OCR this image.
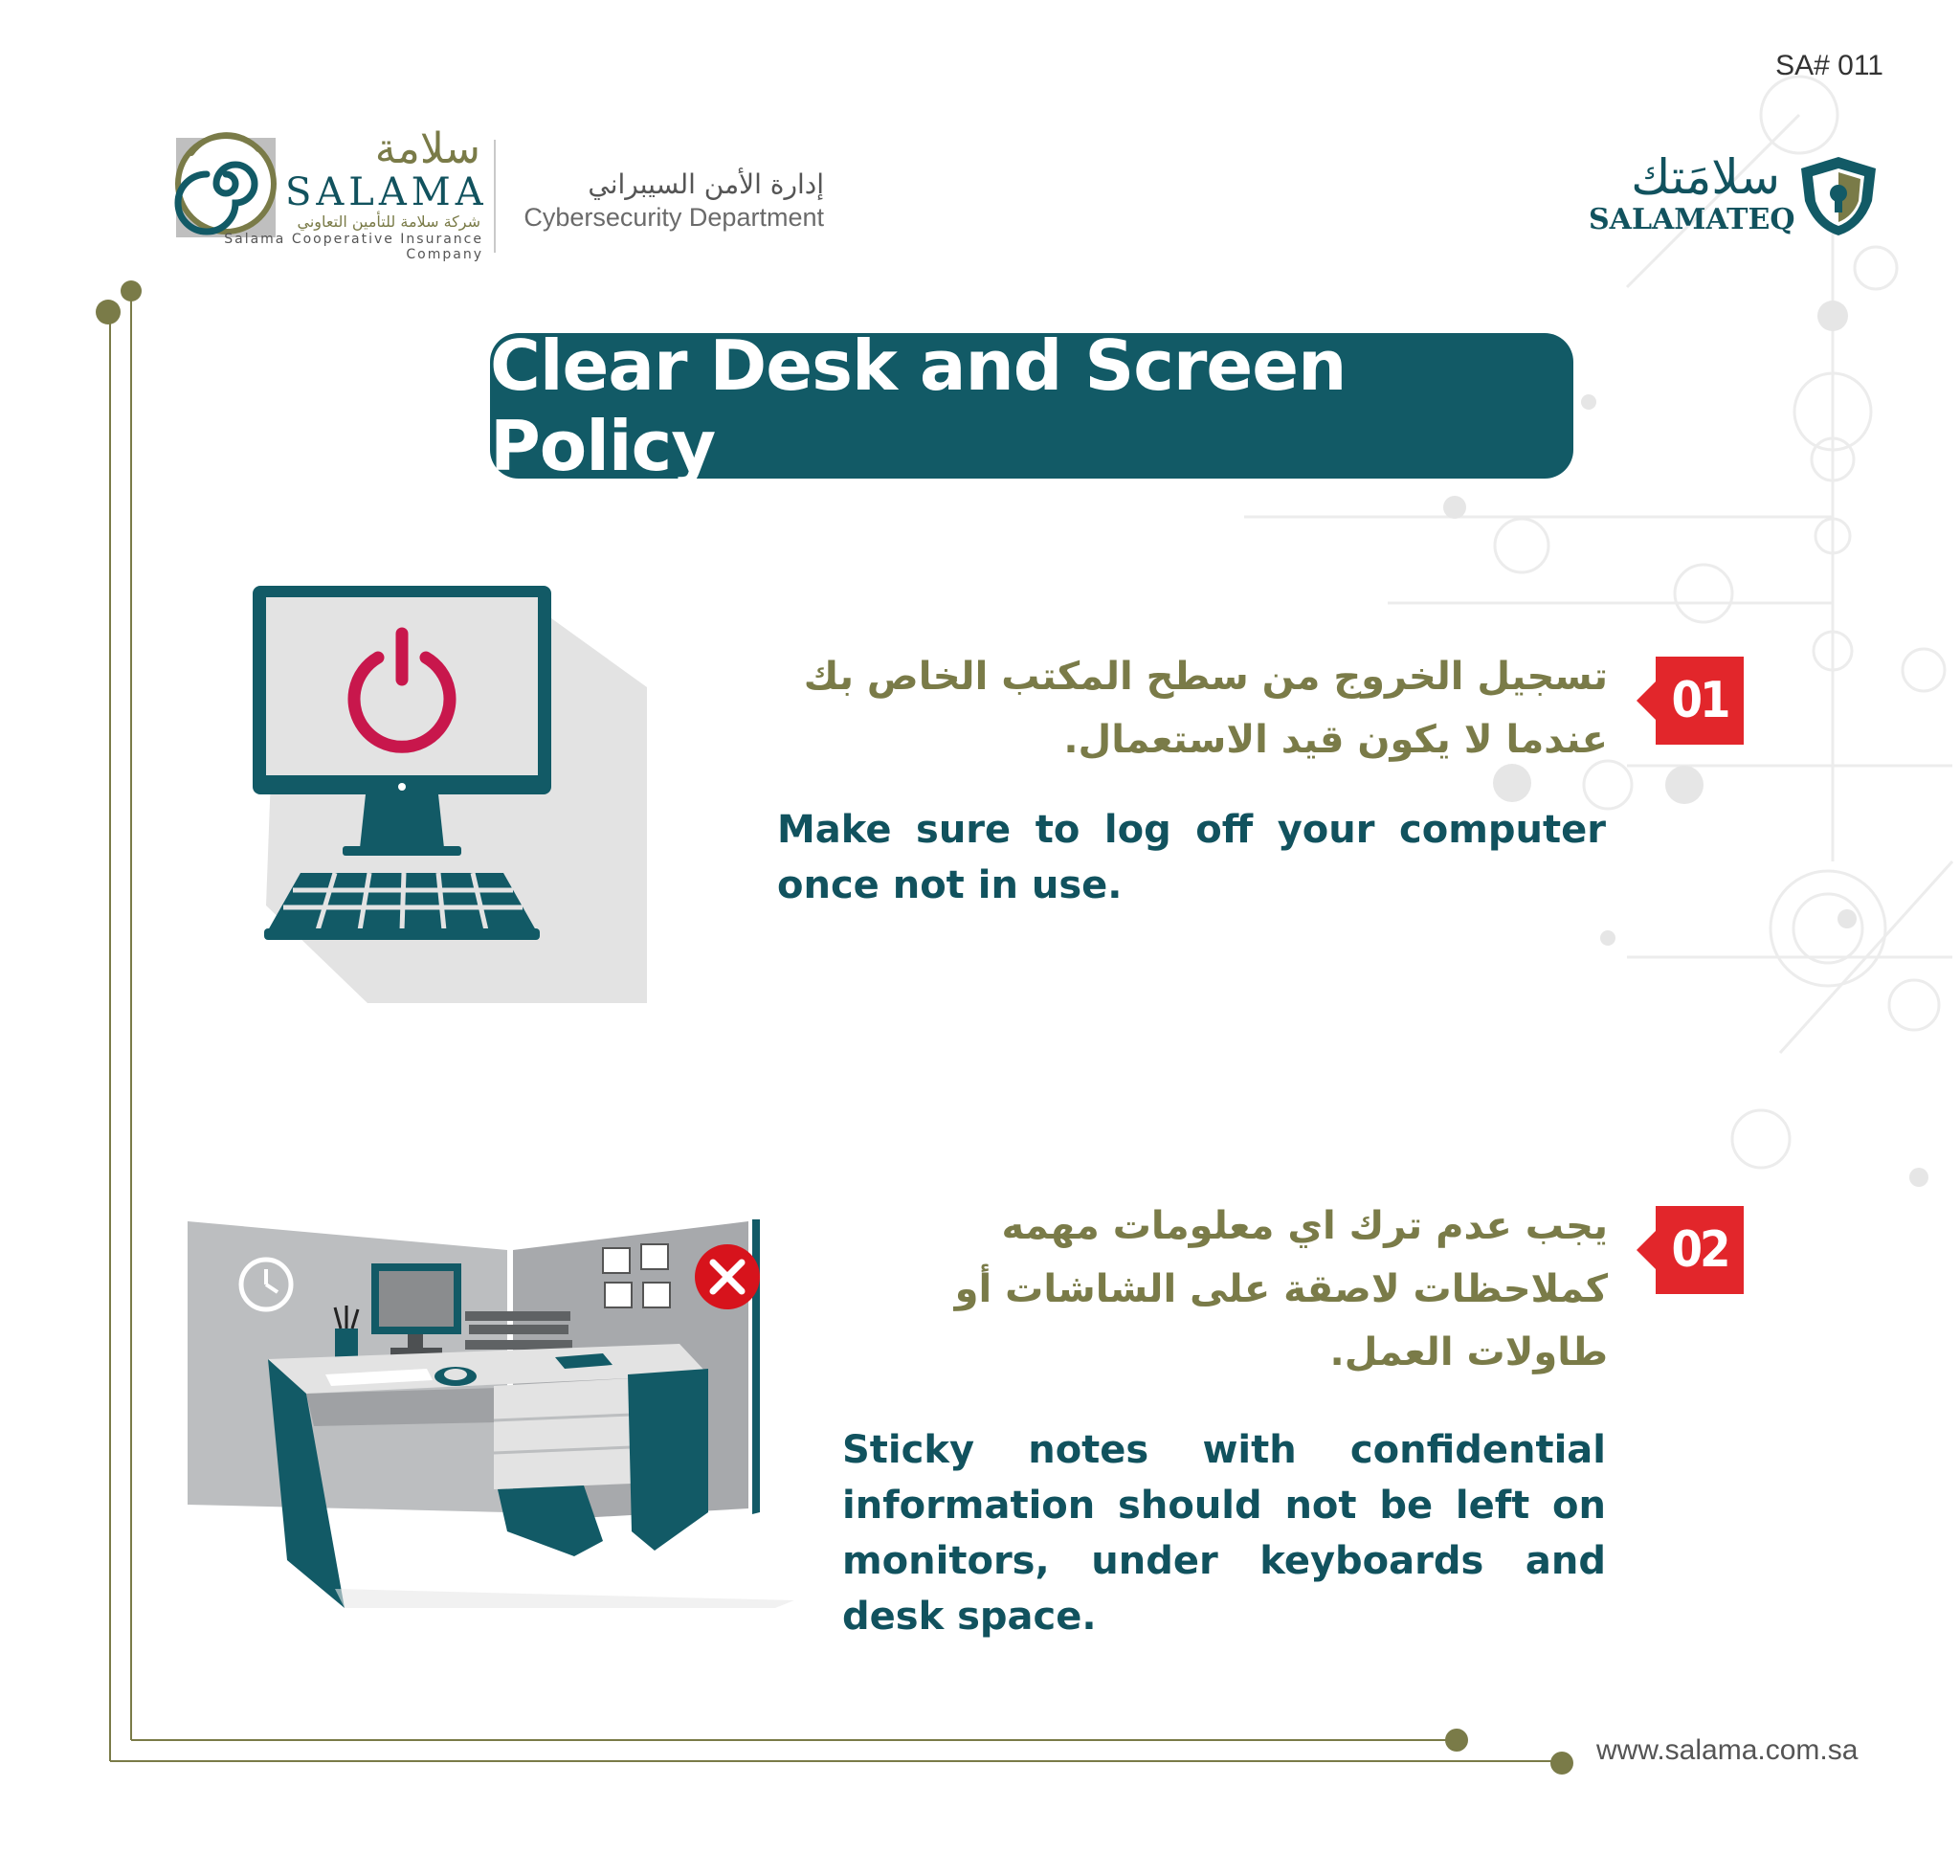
SA# 011
سلامة
SALAMA
شركة سلامة للتأمين التعاوني
Salama Cooperative Insurance Company
إدارة الأمن السيبراني
Cybersecurity Department
سلامَتك
SALAMATEQ
Clear Desk and Screen Policy
01
تسجيل الخروج من سطح المكتب الخاص بك عندما لا يكون قيد الاستعمال.
Make sure to log off your computer once not in use.
02
يجب عدم ترك اي معلومات مهمه كملاحظات لاصقة على الشاشات أو طاولات العمل.
Sticky notes with confidential information should not be left on monitors, under keyboards and desk space.
www.salama.com.sa
